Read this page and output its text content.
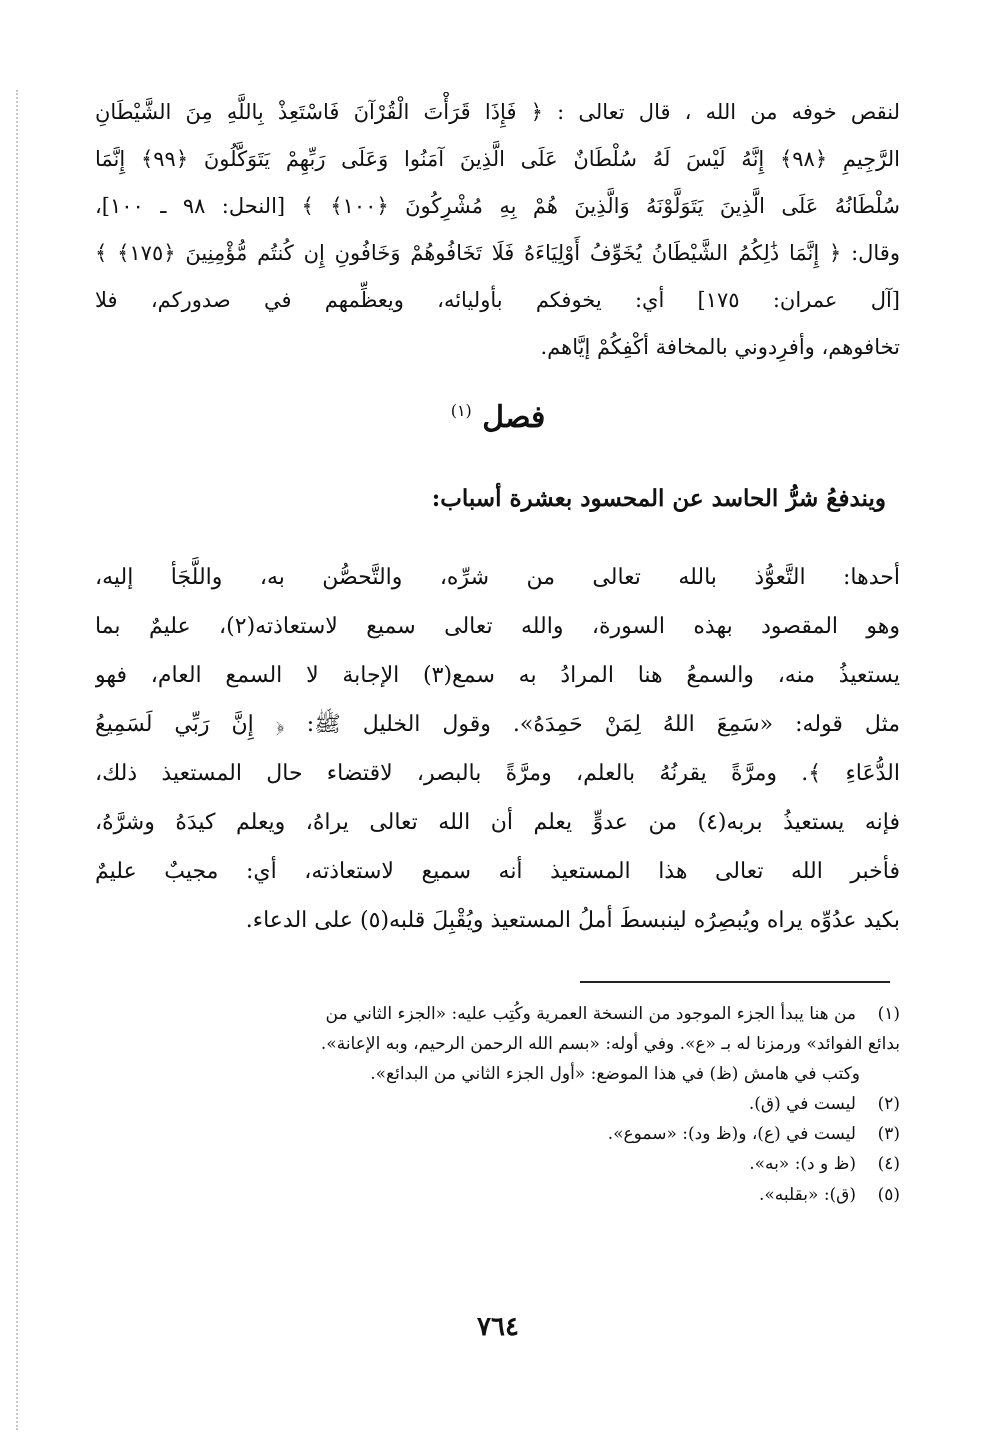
لنقص خوفه من الله ، قال تعالى : ﴿ فَإِذَا قَرَأْتَ الْقُرْآنَ فَاسْتَعِذْ بِاللَّهِ مِنَ الشَّيْطَانِ
الرَّجِيمِ ﴿٩٨﴾ إِنَّهُ لَيْسَ لَهُ سُلْطَانٌ عَلَى الَّذِينَ آمَنُوا وَعَلَى رَبِّهِمْ يَتَوَكَّلُونَ ﴿٩٩﴾ إِنَّمَا
سُلْطَانُهُ عَلَى الَّذِينَ يَتَوَلَّوْنَهُ وَالَّذِينَ هُمْ بِهِ مُشْرِكُونَ ﴿١٠٠﴾ ﴾ [النحل: ٩٨ ـ ١٠٠]،
وقال: ﴿ إِنَّمَا ذَٰلِكُمُ الشَّيْطَانُ يُخَوِّفُ أَوْلِيَاءَهُ فَلَا تَخَافُوهُمْ وَخَافُونِ إِن كُنتُم مُّؤْمِنِينَ ﴿١٧٥﴾ ﴾
[آل عمران: ١٧٥] أي: يخوفكم بأوليائه، ويعظِّمهم في صدوركم، فلا
تخافوهم، وأفرِدوني بالمخافة أكْفِكُمْ إيَّاهم.
فصل $^{(١)}$
ويندفعُ شرُّ الحاسد عن المحسود بعشرة أسباب:
أحدها: التَّعوُّذ بالله تعالى من شرِّه، والتَّحصُّن به، واللَّجَأ إليه،
وهو المقصود بهذه السورة، والله تعالى سميع لاستعاذته(٢)، عليمٌ بما
يستعيذُ منه، والسمعُ هنا المرادُ به سمع(٣) الإجابة لا السمع العام، فهو
مثل قوله: «سَمِعَ اللهُ لِمَنْ حَمِدَهُ». وقول الخليل ﷺ: ﴿ إِنَّ رَبِّي لَسَمِيعُ
الدُّعَاءِ ﴾. ومرَّةً يقرنُهُ بالعلم، ومرَّةً بالبصر، لاقتضاء حال المستعيذ ذلك،
فإنه يستعيذُ بربه(٤) من عدوٍّ يعلم أن الله تعالى يراهُ، ويعلم كيدَهُ وشرَّهُ،
فأخبر الله تعالى هذا المستعيذ أنه سميع لاستعاذته، أي: مجيبٌ عليمٌ
بكيد عدُوِّه يراه ويُبصِرُه لينبسطَ أملُ المستعيذ ويُقْبِلَ قلبه(٥) على الدعاء.
(١)من هنا يبدأ الجزء الموجود من النسخة العمرية وكُتِب عليه: «الجزء الثاني من
بدائع الفوائد» ورمزنا له بـ «ع». وفي أوله: «بسم الله الرحمن الرحيم، وبه الإعانة».
وكتب في هامش (ظ) في هذا الموضع: «أول الجزء الثاني من البدائع».
(٢)ليست في (ق).
(٣)ليست في (ع)، و(ظ ود): «سموع».
(٤)(ظ و د): «به».
(٥)(ق): «بقلبه».
٧٦٤
